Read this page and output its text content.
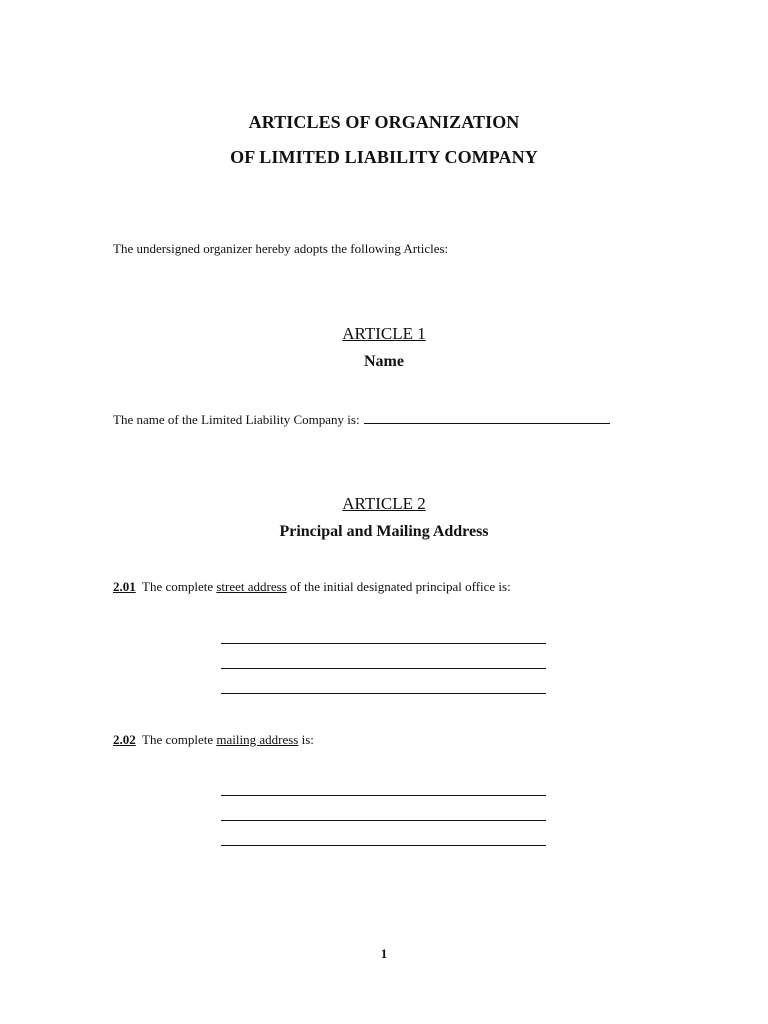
ARTICLES OF ORGANIZATION
OF LIMITED LIABILITY COMPANY
The undersigned organizer hereby adopts the following Articles:
ARTICLE 1
Name
The name of the Limited Liability Company is:
ARTICLE 2
Principal and Mailing Address
2.01 The complete street address of the initial designated principal office is:
2.02 The complete mailing address is:
1
